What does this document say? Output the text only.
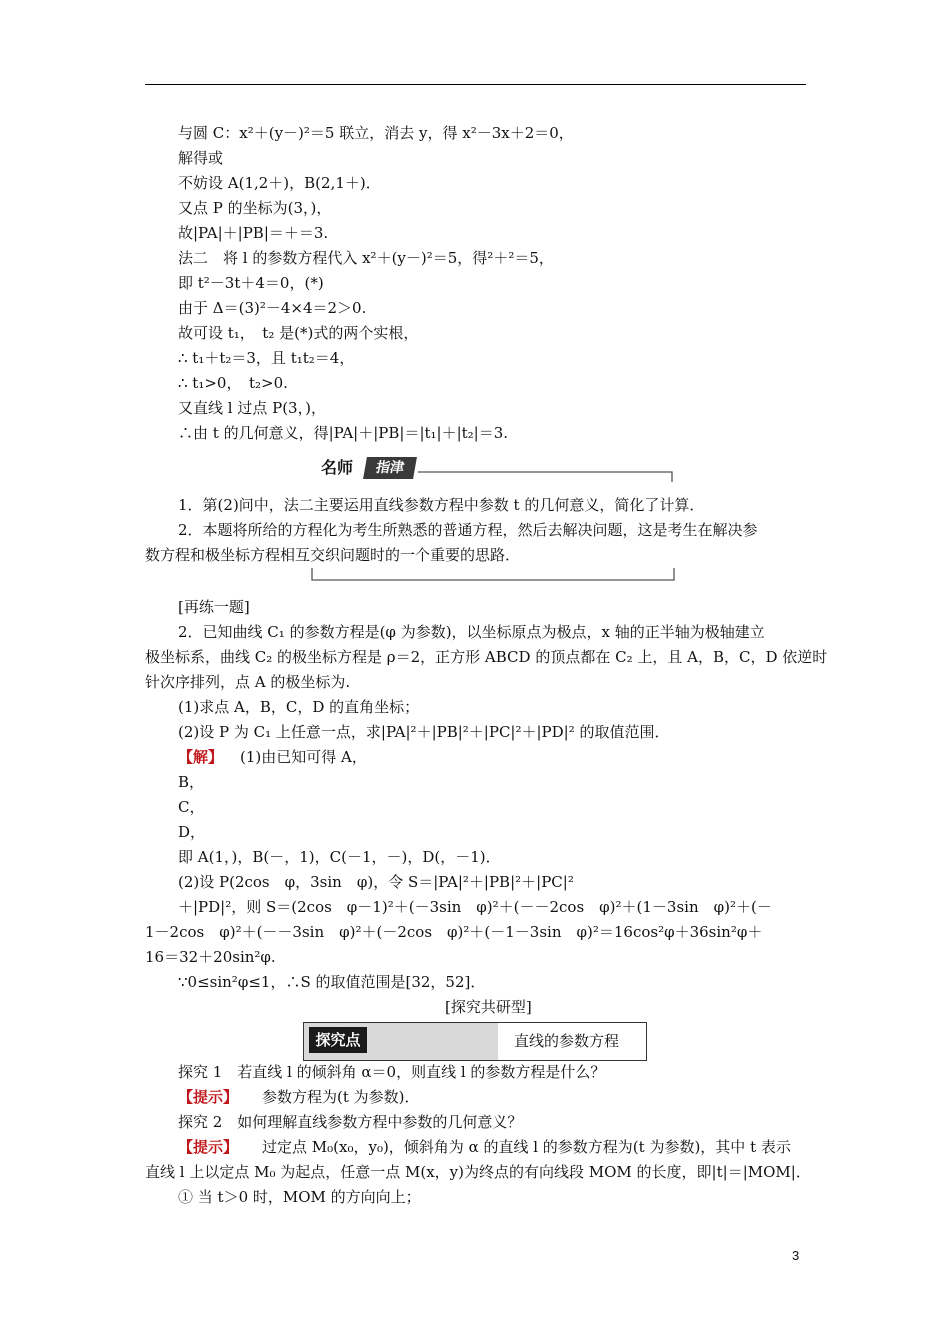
与圆 C：x²＋(y－)²＝5 联立，消去 y，得 x²－3x＋2＝0，
解得或
不妨设 A(1,2＋)，B(2,1＋)．
又点 P 的坐标为(3，)，
故|PA|＋|PB|＝＋＝3.
法二　将 l 的参数方程代入 x²＋(y－)²＝5，得²＋²＝5，
即 t²－3t＋4＝0，(*)
由于 Δ＝(3)²－4×4＝2＞0.
故可设 t₁，　t₂ 是(*)式的两个实根，
∴ t₁＋t₂＝3，且 t₁t₂＝4，
∴ t₁>0，　t₂>0.
又直线 l 过点 P(3，)，
∴由 t 的几何意义，得|PA|＋|PB|＝|t₁|＋|t₂|＝3.
1．第(2)问中，法二主要运用直线参数方程中参数 t 的几何意义，简化了计算．
2．本题将所给的方程化为考生所熟悉的普通方程，然后去解决问题，这是考生在解决参
数方程和极坐标方程相互交织问题时的一个重要的思路．
[再练一题]
2．已知曲线 C₁ 的参数方程是(φ 为参数)，以坐标原点为极点，x 轴的正半轴为极轴建立
极坐标系，曲线 C₂ 的极坐标方程是 ρ＝2，正方形 ABCD 的顶点都在 C₂ 上，且 A，B，C，D 依逆时
针次序排列，点 A 的极坐标为.
(1)求点 A，B，C，D 的直角坐标；
(2)设 P 为 C₁ 上任意一点，求|PA|²＋|PB|²＋|PC|²＋|PD|² 的取值范围．
　(1)由已知可得 A，
B，
C，
D，
即 A(1，)，B(－，1)，C(－1，－)，D(，－1)．
(2)设 P(2cos　φ，3sin　φ)，令 S＝|PA|²＋|PB|²＋|PC|²
＋|PD|²，则 S＝(2cos　φ－1)²＋(－3sin　φ)²＋(－－2cos　φ)²＋(1－3sin　φ)²＋(－
1－2cos　φ)²＋(－－3sin　φ)²＋(－2cos　φ)²＋(－1－3sin　φ)²＝16cos²φ＋36sin²φ＋
16＝32＋20sin²φ.
∵0≤sin²φ≤1，∴S 的取值范围是[32，52]．
[探究共研型]
探究 1　若直线 l 的倾斜角 α＝0，则直线 l 的参数方程是什么？
　参数方程为(t 为参数)．
探究 2　如何理解直线参数方程中参数的几何意义？
　过定点 M₀(x₀，y₀)，倾斜角为 α 的直线 l 的参数方程为(t 为参数)，其中 t 表示
直线 l 上以定点 M₀ 为起点，任意一点 M(x，y)为终点的有向线段 MOM 的长度，即|t|＝|MOM|．
① 当 t＞0 时，MOM 的方向向上；
【解】
【提示】
【提示】
名师	指津
探究点	直线的参数方程
3
